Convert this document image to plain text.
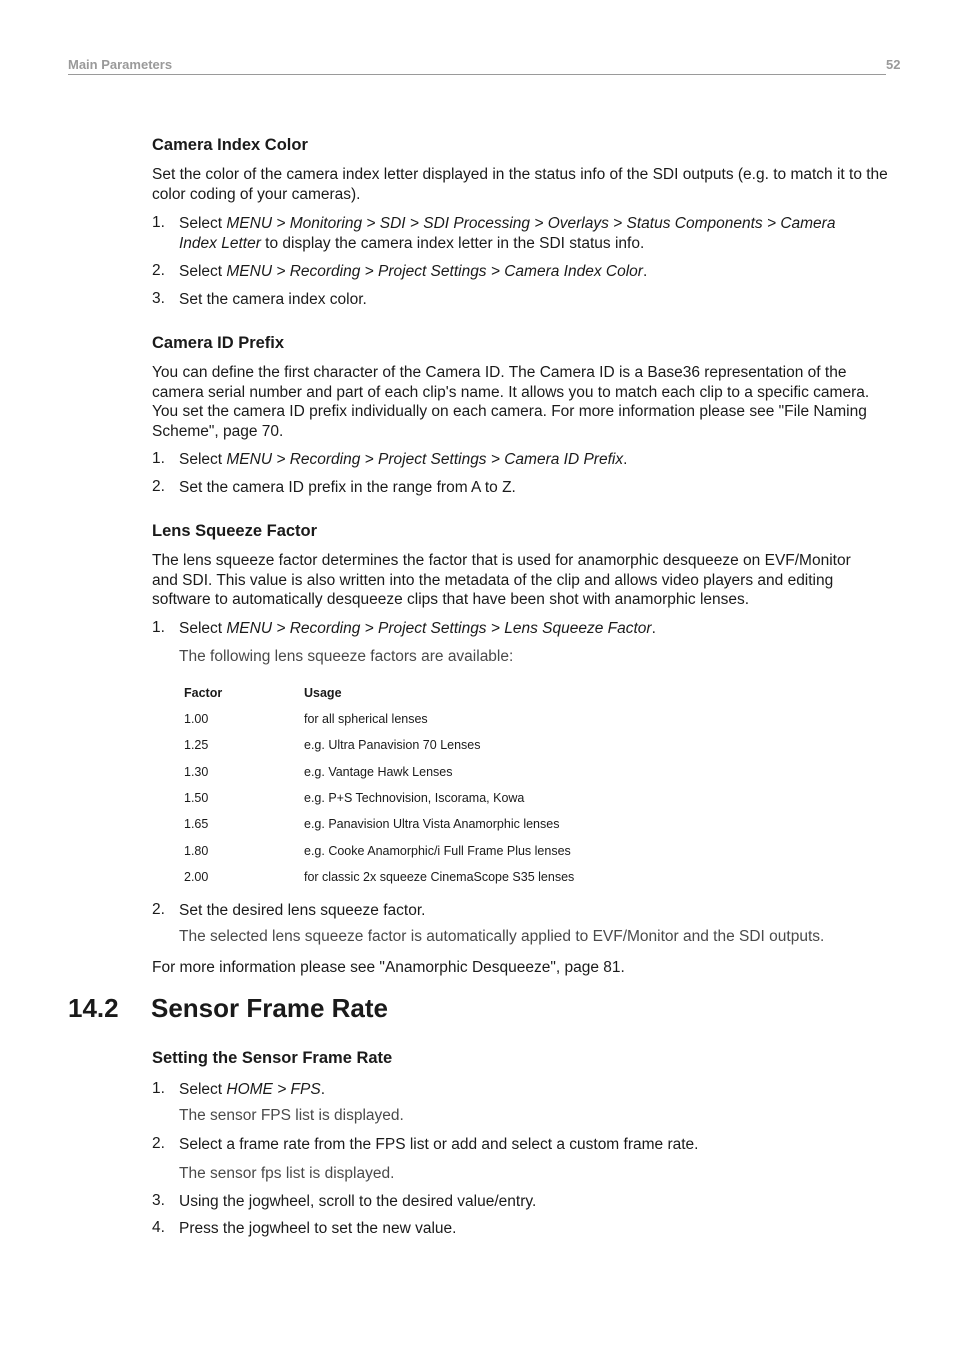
Main Parameters	52
Camera Index Color
Set the color of the camera index letter displayed in the status info of the SDI outputs (e.g. to match it to the color coding of your cameras).
1. Select MENU > Monitoring > SDI > SDI Processing > Overlays > Status Components > Camera
Index Letter to display the camera index letter in the SDI status info.
2. Select MENU > Recording > Project Settings > Camera Index Color.
3. Set the camera index color.
Camera ID Prefix
You can define the first character of the Camera ID. The Camera ID is a Base36 representation of the camera serial number and part of each clip's name. It allows you to match each clip to a specific camera. You set the camera ID prefix individually on each camera. For more information please see "File Naming Scheme", page 70.
1. Select MENU > Recording > Project Settings > Camera ID Prefix.
2. Set the camera ID prefix in the range from A to Z.
Lens Squeeze Factor
The lens squeeze factor determines the factor that is used for anamorphic desqueeze on EVF/Monitor and SDI. This value is also written into the metadata of the clip and allows video players and editing software to automatically desqueeze clips that have been shot with anamorphic lenses.
1. Select MENU > Recording > Project Settings > Lens Squeeze Factor.
The following lens squeeze factors are available:
Factor	Usage
1.00	for all spherical lenses
1.25	e.g. Ultra Panavision 70 Lenses
1.30	e.g. Vantage Hawk Lenses
1.50	e.g. P+S Technovision, Iscorama, Kowa
1.65	e.g. Panavision Ultra Vista Anamorphic lenses
1.80	e.g. Cooke Anamorphic/i Full Frame Plus lenses
2.00	for classic 2x squeeze CinemaScope S35 lenses
2. Set the desired lens squeeze factor.
The selected lens squeeze factor is automatically applied to EVF/Monitor and the SDI outputs.
For more information please see "Anamorphic Desqueeze", page 81.
14.2 Sensor Frame Rate
Setting the Sensor Frame Rate
1. Select HOME > FPS.
The sensor FPS list is displayed.
2. Select a frame rate from the FPS list or add and select a custom frame rate.
The sensor fps list is displayed.
3. Using the jogwheel, scroll to the desired value/entry.
4. Press the jogwheel to set the new value.
